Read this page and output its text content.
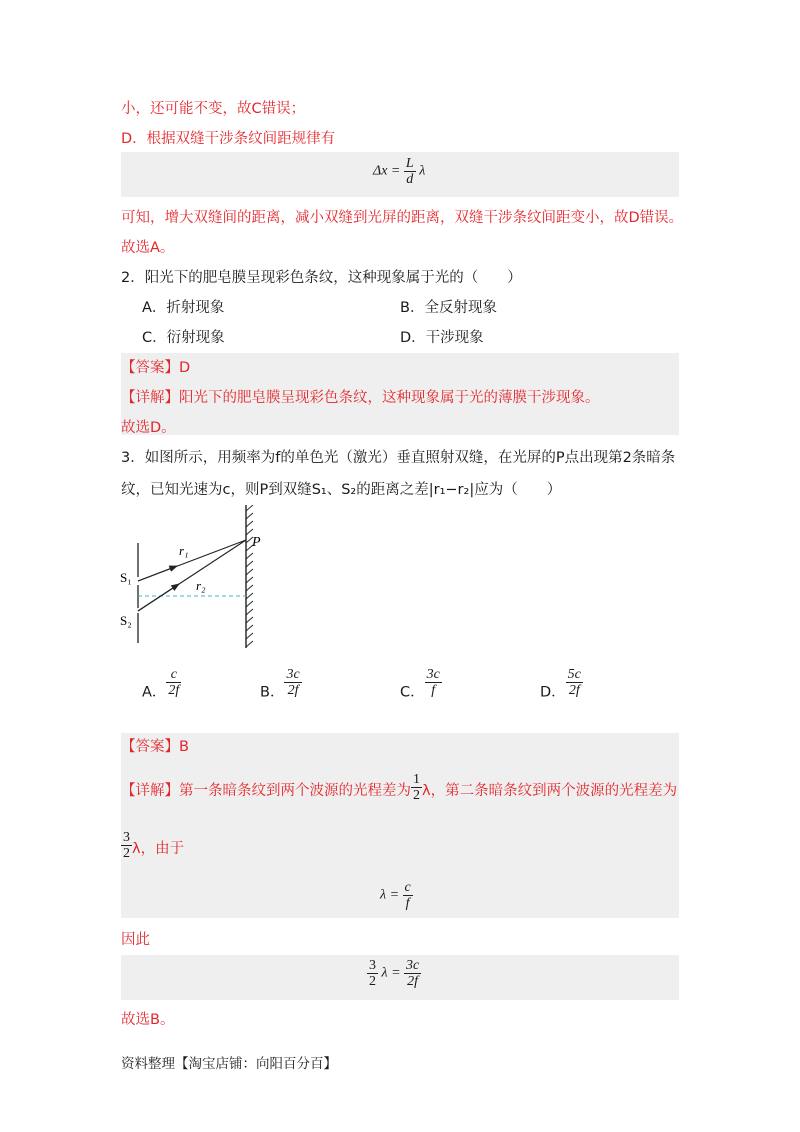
小，还可能不变，故C错误；
D．根据双缝干涉条纹间距规律有
$\Delta x = \frac{L}{d}$ λ
可知，增大双缝间的距离，减小双缝到光屏的距离，双缝干涉条纹间距变小，故D错误。
故选A。
2．阳光下的肥皂膜呈现彩色条纹，这种现象属于光的（　　）
A．折射现象	B．全反射现象
C．衍射现象	D．干涉现象
【答案】D
【详解】阳光下的肥皂膜呈现彩色条纹，这种现象属于光的薄膜干涉现象。
故选D。
3．如图所示，用频率为f的单色光（激光）垂直照射双缝，在光屏的P点出现第2条暗条
纹，已知光速为c，则P到双缝S₁、S₂的距离之差|r₁−r₂|应为（　　）
S₁
S₂
r₁
r₂
P
A． $\frac{c}{2f}$	B． $\frac{3c}{2f}$	C． $\frac{3c}{f}$	D． $\frac{5c}{2f}$
【答案】B
【详解】第一条暗条纹到两个波源的光程差为 $\frac{1}{2}$ λ，第二条暗条纹到两个波源的光程差为
$\frac{3}{2}$ λ，由于
$\lambda = \frac{c}{f}$
因此
$\frac{3}{2}$ $\lambda = \frac{3c}{2f}$
故选B。
资料整理【淘宝店铺：向阳百分百】
